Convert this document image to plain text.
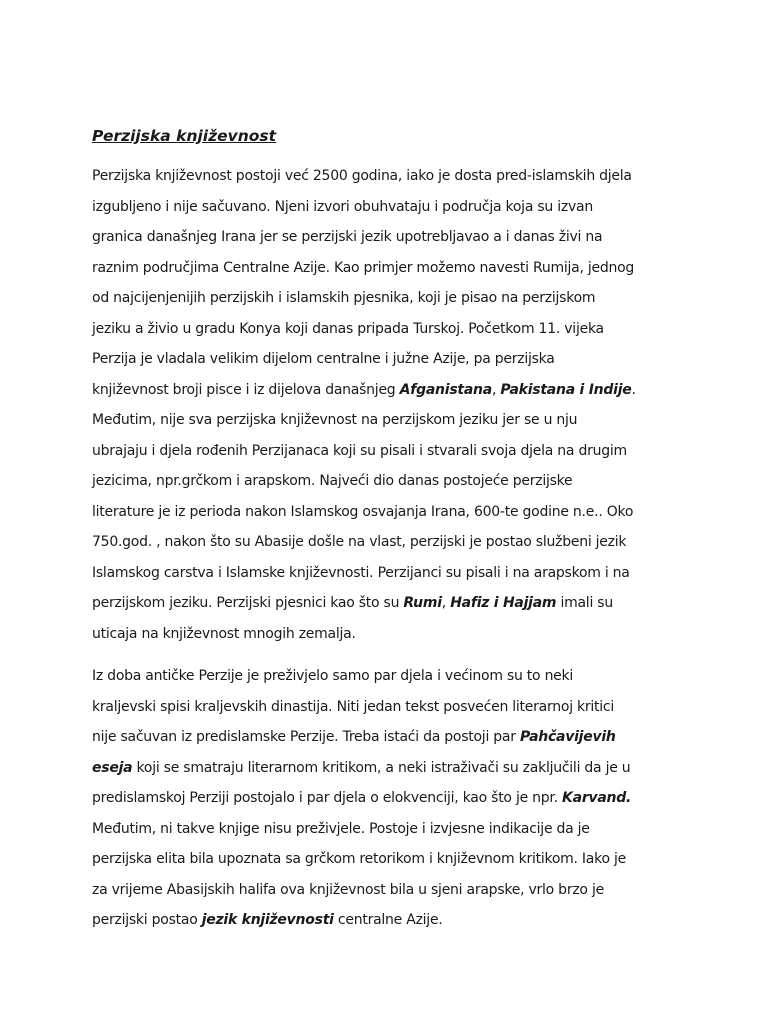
Perzijska književnost
Perzijska književnost postoji već 2500 godina, iako je dosta pred-islamskih djela
izgubljeno i nije sačuvano. Njeni izvori obuhvataju i područja koja su izvan
granica današnjeg Irana jer se perzijski jezik upotrebljavao a i danas živi na
raznim područjima Centralne Azije. Kao primjer možemo navesti Rumija, jednog
od najcijenjenijih perzijskih i islamskih pjesnika, koji je pisao na perzijskom
jeziku a živio u gradu Konya koji danas pripada Turskoj. Početkom 11. vijeka
Perzija je vladala velikim dijelom centralne i južne Azije, pa perzijska
književnost broji pisce i iz dijelova današnjeg Afganistana, Pakistana i Indije.
Međutim, nije sva perzijska književnost na perzijskom jeziku jer se u nju
ubrajaju i djela rođenih Perzijanaca koji su pisali i stvarali svoja djela na drugim
jezicima, npr.grčkom i arapskom. Najveći dio danas postojeće perzijske
literature je iz perioda nakon Islamskog osvajanja Irana, 600-te godine n.e.. Oko
750.god. , nakon što su Abasije došle na vlast, perzijski je postao službeni jezik
Islamskog carstva i Islamske književnosti. Perzijanci su pisali i na arapskom i na
perzijskom jeziku. Perzijski pjesnici kao što su Rumi, Hafiz i Hajjam imali su
uticaja na književnost mnogih zemalja.
Iz doba antičke Perzije je preživjelo samo par djela i većinom su to neki
kraljevski spisi kraljevskih dinastija. Niti jedan tekst posvećen literarnoj kritici
nije sačuvan iz predislamske Perzije. Treba istaći da postoji par Pahčavijevih
eseja koji se smatraju literarnom kritikom, a neki istraživači su zaključili da je u
predislamskoj Perziji postojalo i par djela o elokvenciji, kao što je npr. Karvand.
Međutim, ni takve knjige nisu preživjele. Postoje i izvjesne indikacije da je
perzijska elita bila upoznata sa grčkom retorikom i književnom kritikom. Iako je
za vrijeme Abasijskih halifa ova književnost bila u sjeni arapske, vrlo brzo je
perzijski postao jezik književnosti centralne Azije.
